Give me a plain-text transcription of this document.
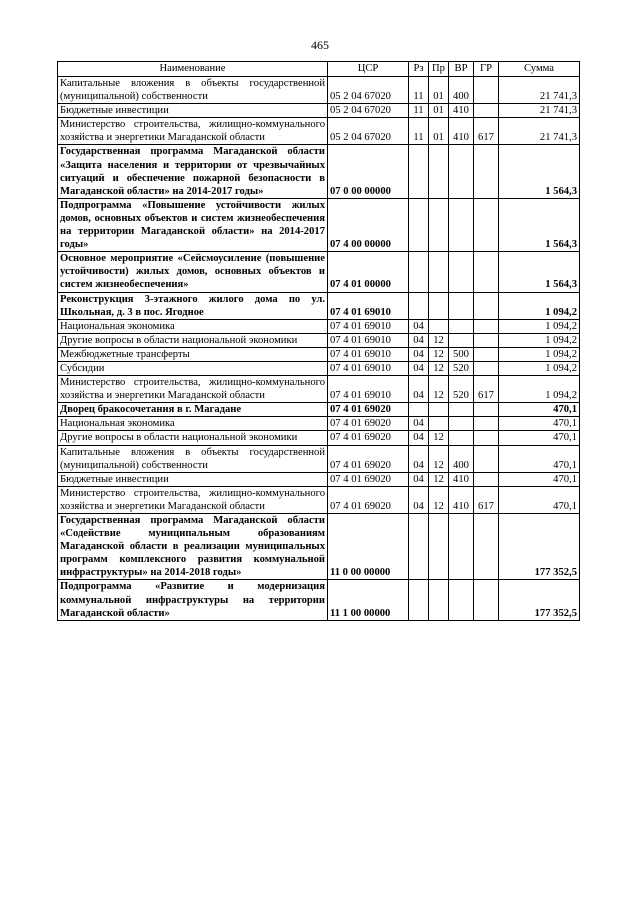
465
Наименование	ЦСР	Рз	Пр	ВР	ГР	Сумма
Капитальные вложения в объекты государственной (муниципальной) собственности	05 2 04 67020	11	01	400		21 741,3
Бюджетные инвестиции	05 2 04 67020	11	01	410		21 741,3
Министерство строительства, жилищно-коммунального хозяйства и энергетики Магаданской области	05 2 04 67020	11	01	410	617	21 741,3
Государственная программа Магаданской области «Защита населения и территории от чрезвычайных ситуаций и обеспечение пожарной безопасности в Магаданской области» на 2014-2017 годы»	07 0 00 00000					1 564,3
Подпрограмма «Повышение устойчивости жилых домов, основных объектов и систем жизнеобеспечения на территории Магаданской области» на 2014-2017 годы»	07 4 00 00000					1 564,3
Основное мероприятие «Сейсмоусиление (повышение устойчивости) жилых домов, основных объектов и систем жизнеобеспечения»	07 4 01 00000					1 564,3
Реконструкция 3-этажного жилого дома по ул. Школьная, д. 3 в пос. Ягодное	07 4 01 69010					1 094,2
Национальная экономика	07 4 01 69010	04				1 094,2
Другие вопросы в области национальной экономики	07 4 01 69010	04	12			1 094,2
Межбюджетные трансферты	07 4 01 69010	04	12	500		1 094,2
Субсидии	07 4 01 69010	04	12	520		1 094,2
Министерство строительства, жилищно-коммунального хозяйства и энергетики Магаданской области	07 4 01 69010	04	12	520	617	1 094,2
Дворец бракосочетания в г. Магадане	07 4 01 69020					470,1
Национальная экономика	07 4 01 69020	04				470,1
Другие вопросы в области национальной экономики	07 4 01 69020	04	12			470,1
Капитальные вложения в объекты государственной (муниципальной) собственности	07 4 01 69020	04	12	400		470,1
Бюджетные инвестиции	07 4 01 69020	04	12	410		470,1
Министерство строительства, жилищно-коммунального хозяйства и энергетики Магаданской области	07 4 01 69020	04	12	410	617	470,1
Государственная программа Магаданской области «Содействие муниципальным образованиям Магаданской области в реализации муниципальных программ комплексного развития коммунальной инфраструктуры» на 2014-2018 годы»	11 0 00 00000					177 352,5
Подпрограмма «Развитие и модернизация коммунальной инфраструктуры на территории Магаданской области»	11 1 00 00000					177 352,5
